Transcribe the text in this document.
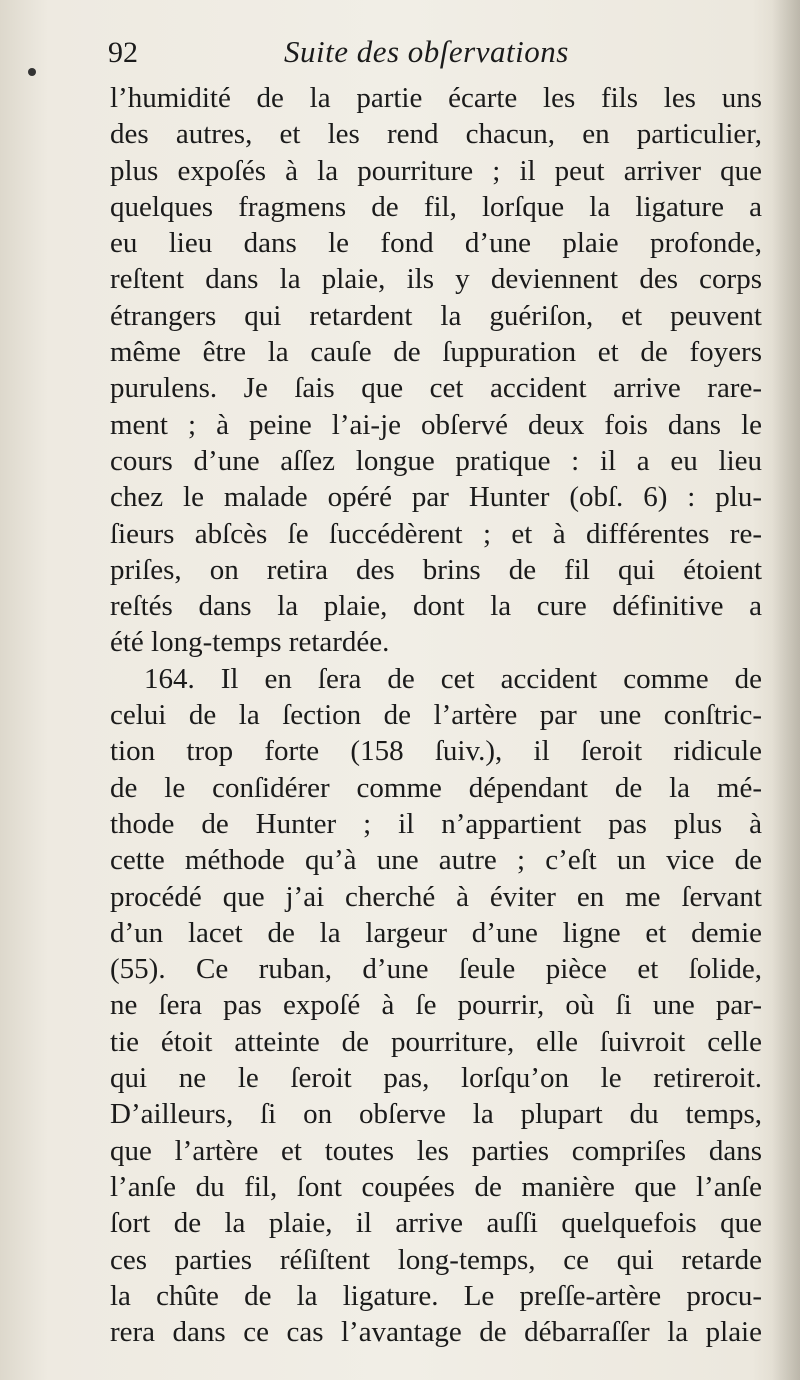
92	Suite des obſervations
l’humidité de la partie écarte les fils les uns
des autres, et les rend chacun, en particulier,
plus expoſés à la pourriture ; il peut arriver que
quelques fragmens de fil, lorſque la ligature a
eu lieu dans le fond d’une plaie profonde,
reſtent dans la plaie, ils y deviennent des corps
étrangers qui retardent la guériſon, et peuvent
même être la cauſe de ſuppuration et de foyers
purulens. Je ſais que cet accident arrive rare-
ment ; à peine l’ai-je obſervé deux fois dans le
cours d’une aſſez longue pratique : il a eu lieu
chez le malade opéré par Hunter (obſ. 6) : plu-
ſieurs abſcès ſe ſuccédèrent ; et à différentes re-
priſes, on retira des brins de fil qui étoient
reſtés dans la plaie, dont la cure définitive a
été long-temps retardée.
164. Il en ſera de cet accident comme de
celui de la ſection de l’artère par une conſtric-
tion trop forte (158 ſuiv.), il ſeroit ridicule
de le conſidérer comme dépendant de la mé-
thode de Hunter ; il n’appartient pas plus à
cette méthode qu’à une autre ; c’eſt un vice de
procédé que j’ai cherché à éviter en me ſervant
d’un lacet de la largeur d’une ligne et demie
(55). Ce ruban, d’une ſeule pièce et ſolide,
ne ſera pas expoſé à ſe pourrir, où ſi une par-
tie étoit atteinte de pourriture, elle ſuivroit celle
qui ne le ſeroit pas, lorſqu’on le retireroit.
D’ailleurs, ſi on obſerve la plupart du temps,
que l’artère et toutes les parties compriſes dans
l’anſe du fil, ſont coupées de manière que l’anſe
ſort de la plaie, il arrive auſſi quelquefois que
ces parties réſiſtent long-temps, ce qui retarde
la chûte de la ligature. Le preſſe-artère procu-
rera dans ce cas l’avantage de débarraſſer la plaie
